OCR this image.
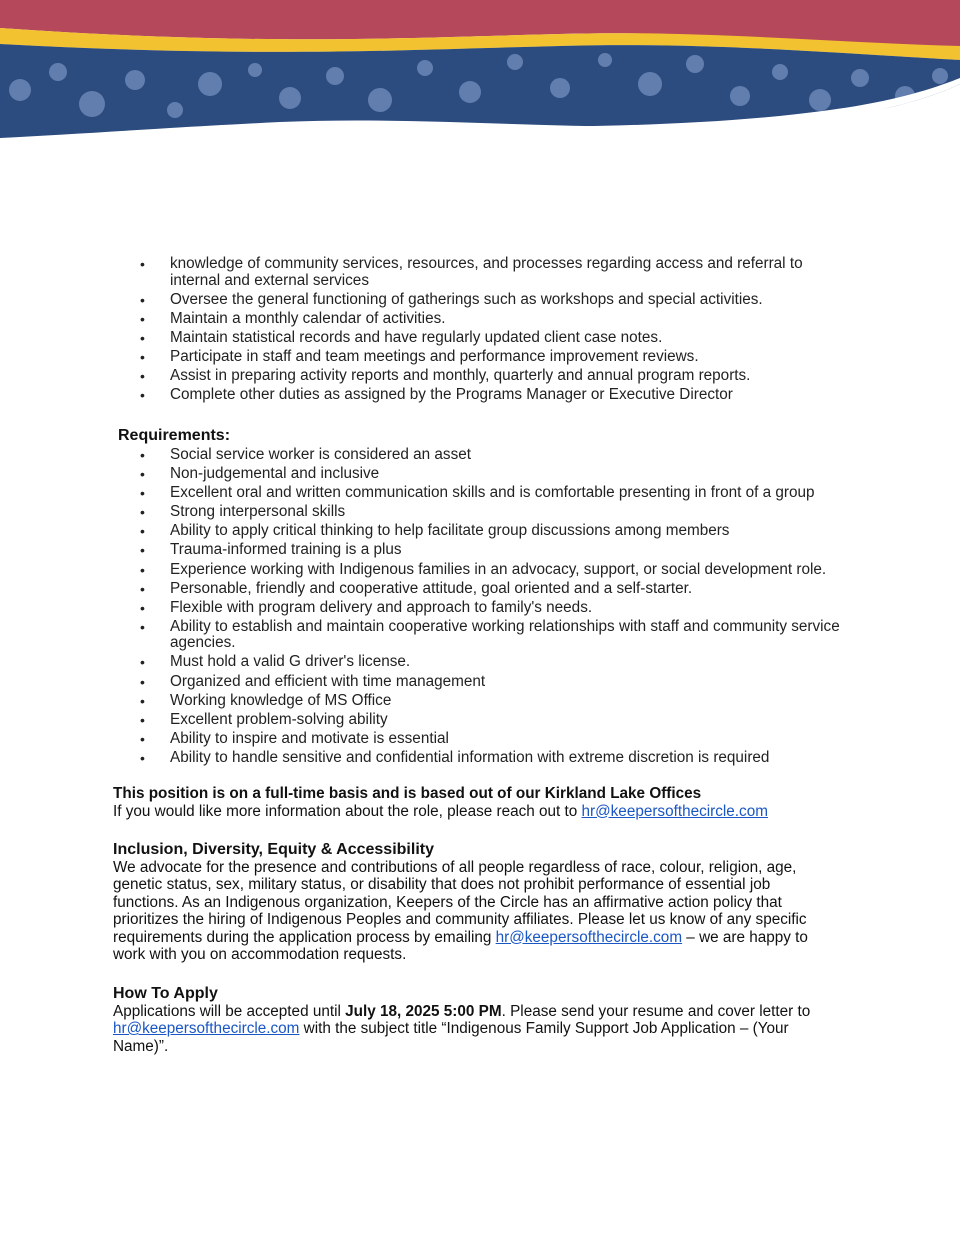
• knowledge of community services, resources, and processes regarding access and referral to internal and external services
• Oversee the general functioning of gatherings such as workshops and special activities.
• Maintain a monthly calendar of activities.
• Maintain statistical records and have regularly updated client case notes.
• Participate in staff and team meetings and performance improvement reviews.
• Assist in preparing activity reports and monthly, quarterly and annual program reports.
• Complete other duties as assigned by the Programs Manager or Executive Director
Requirements:
• Social service worker is considered an asset
• Non-judgemental and inclusive
• Excellent oral and written communication skills and is comfortable presenting in front of a group
• Strong interpersonal skills
• Ability to apply critical thinking to help facilitate group discussions among members
• Trauma-informed training is a plus
• Experience working with Indigenous families in an advocacy, support, or social development role.
• Personable, friendly and cooperative attitude, goal oriented and a self-starter.
• Flexible with program delivery and approach to family's needs.
• Ability to establish and maintain cooperative working relationships with staff and community service agencies.
• Must hold a valid G driver's license.
• Organized and efficient with time management
• Working knowledge of MS Office
• Excellent problem-solving ability
• Ability to inspire and motivate is essential
• Ability to handle sensitive and confidential information with extreme discretion is required
This position is on a full-time basis and is based out of our Kirkland Lake Offices
If you would like more information about the role, please reach out to hr@keepersofthecircle.com
Inclusion, Diversity, Equity & Accessibility
We advocate for the presence and contributions of all people regardless of race, colour, religion, age, genetic status, sex, military status, or disability that does not prohibit performance of essential job functions. As an Indigenous organization, Keepers of the Circle has an affirmative action policy that prioritizes the hiring of Indigenous Peoples and community affiliates. Please let us know of any specific requirements during the application process by emailing hr@keepersofthecircle.com – we are happy to work with you on accommodation requests.
How To Apply
Applications will be accepted until July 18, 2025 5:00 PM. Please send your resume and cover letter to hr@keepersofthecircle.com with the subject title “Indigenous Family Support Job Application – (Your Name)”.
